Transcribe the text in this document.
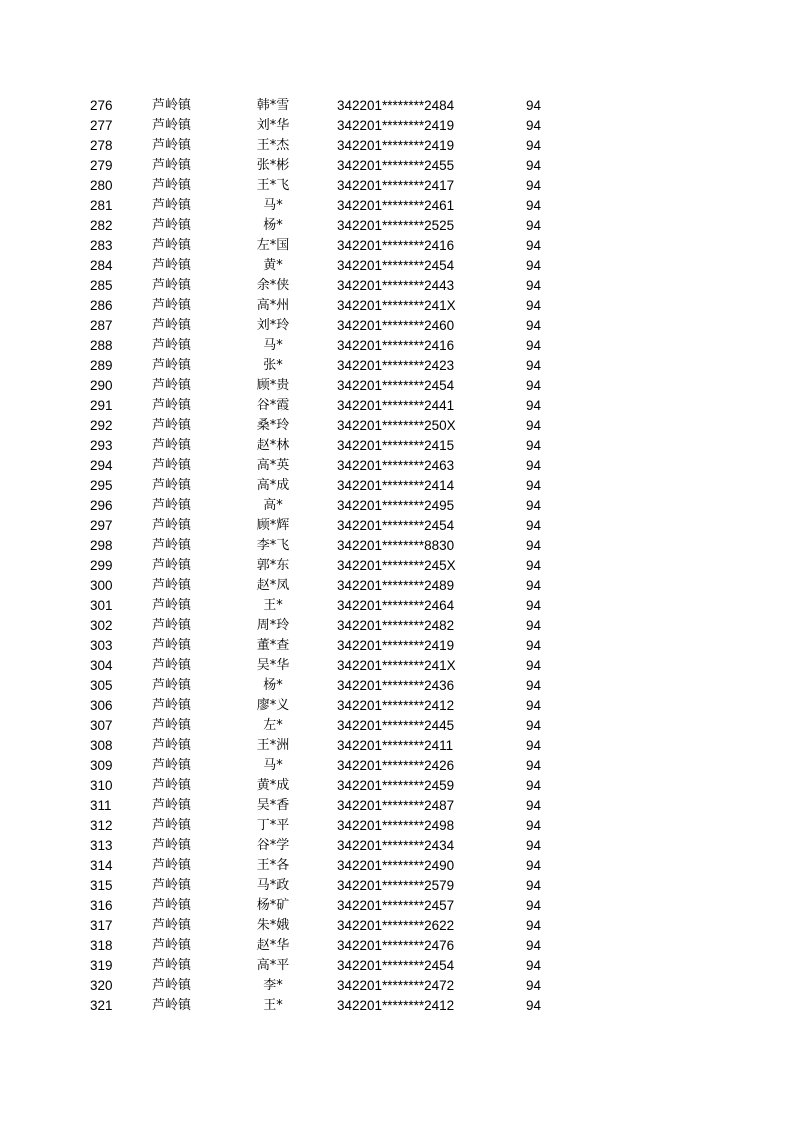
276	芦岭镇	韩*雪	342201********2484	94
277	芦岭镇	刘*华	342201********2419	94
278	芦岭镇	王*杰	342201********2419	94
279	芦岭镇	张*彬	342201********2455	94
280	芦岭镇	王*飞	342201********2417	94
281	芦岭镇	马*	342201********2461	94
282	芦岭镇	杨*	342201********2525	94
283	芦岭镇	左*国	342201********2416	94
284	芦岭镇	黄*	342201********2454	94
285	芦岭镇	余*侠	342201********2443	94
286	芦岭镇	高*州	342201********241X	94
287	芦岭镇	刘*玲	342201********2460	94
288	芦岭镇	马*	342201********2416	94
289	芦岭镇	张*	342201********2423	94
290	芦岭镇	顾*贵	342201********2454	94
291	芦岭镇	谷*霞	342201********2441	94
292	芦岭镇	桑*玲	342201********250X	94
293	芦岭镇	赵*林	342201********2415	94
294	芦岭镇	高*英	342201********2463	94
295	芦岭镇	高*成	342201********2414	94
296	芦岭镇	高*	342201********2495	94
297	芦岭镇	顾*辉	342201********2454	94
298	芦岭镇	李*飞	342201********8830	94
299	芦岭镇	郭*东	342201********245X	94
300	芦岭镇	赵*凤	342201********2489	94
301	芦岭镇	王*	342201********2464	94
302	芦岭镇	周*玲	342201********2482	94
303	芦岭镇	董*查	342201********2419	94
304	芦岭镇	吴*华	342201********241X	94
305	芦岭镇	杨*	342201********2436	94
306	芦岭镇	廖*义	342201********2412	94
307	芦岭镇	左*	342201********2445	94
308	芦岭镇	王*洲	342201********2411	94
309	芦岭镇	马*	342201********2426	94
310	芦岭镇	黄*成	342201********2459	94
311	芦岭镇	吴*香	342201********2487	94
312	芦岭镇	丁*平	342201********2498	94
313	芦岭镇	谷*学	342201********2434	94
314	芦岭镇	王*各	342201********2490	94
315	芦岭镇	马*政	342201********2579	94
316	芦岭镇	杨*矿	342201********2457	94
317	芦岭镇	朱*娥	342201********2622	94
318	芦岭镇	赵*华	342201********2476	94
319	芦岭镇	高*平	342201********2454	94
320	芦岭镇	李*	342201********2472	94
321	芦岭镇	王*	342201********2412	94
